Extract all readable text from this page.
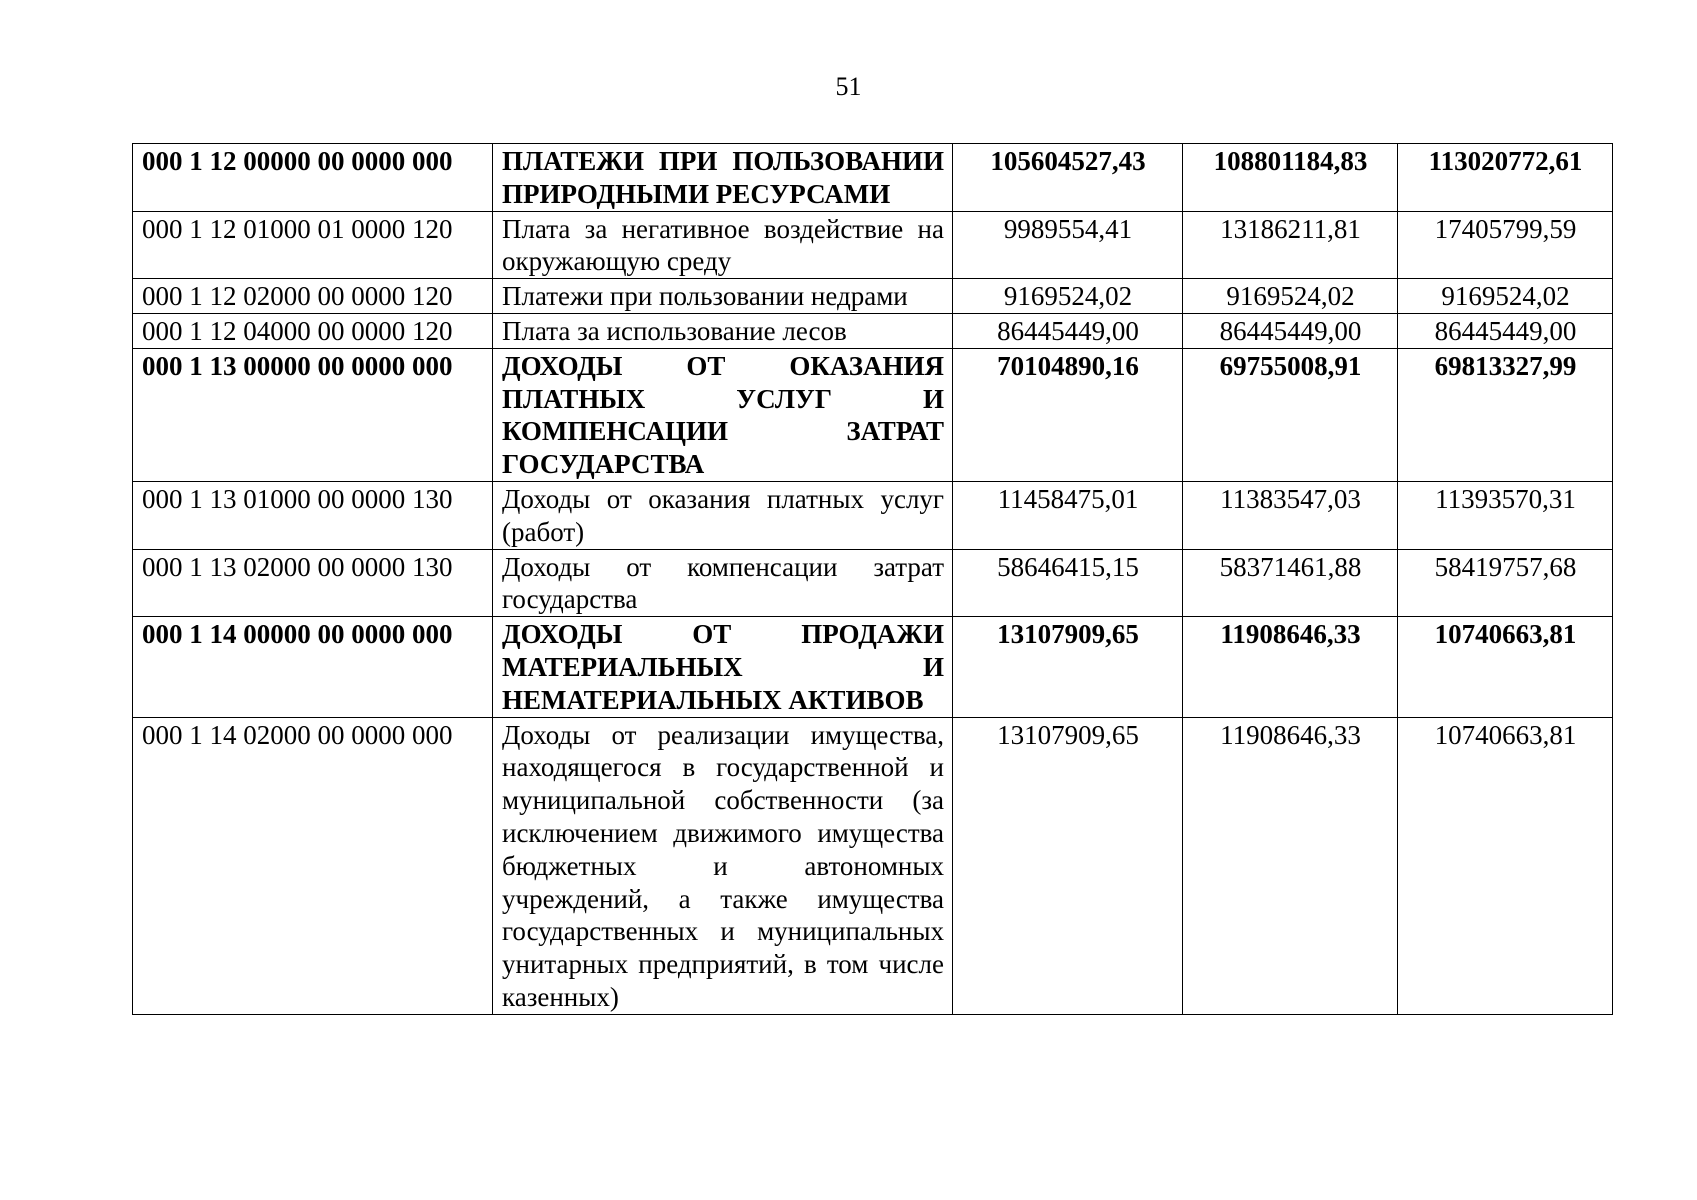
51
000 1 12 00000 00 0000 000	ПЛАТЕЖИ ПРИ ПОЛЬЗОВАНИИ ПРИРОДНЫМИ РЕСУРСАМИ	105604527,43	108801184,83	113020772,61
000 1 12 01000 01 0000 120	Плата за негативное воздействие на окружающую среду	9989554,41	13186211,81	17405799,59
000 1 12 02000 00 0000 120	Платежи при пользовании недрами	9169524,02	9169524,02	9169524,02
000 1 12 04000 00 0000 120	Плата за использование лесов	86445449,00	86445449,00	86445449,00
000 1 13 00000 00 0000 000	ДОХОДЫ ОТ ОКАЗАНИЯ ПЛАТНЫХ УСЛУГ И КОМПЕНСАЦИИ ЗАТРАТ ГОСУДАРСТВА	70104890,16	69755008,91	69813327,99
000 1 13 01000 00 0000 130	Доходы от оказания платных услуг (работ)	11458475,01	11383547,03	11393570,31
000 1 13 02000 00 0000 130	Доходы от компенсации затрат государства	58646415,15	58371461,88	58419757,68
000 1 14 00000 00 0000 000	ДОХОДЫ ОТ ПРОДАЖИ МАТЕРИАЛЬНЫХ И НЕМАТЕРИАЛЬНЫХ АКТИВОВ	13107909,65	11908646,33	10740663,81
000 1 14 02000 00 0000 000	Доходы от реализации имущества, находящегося в государственной и муниципальной собственности (за исключением движимого имущества бюджетных и автономных учреждений, а также имущества государственных и муниципальных унитарных предприятий, в том числе казенных)	13107909,65	11908646,33	10740663,81
